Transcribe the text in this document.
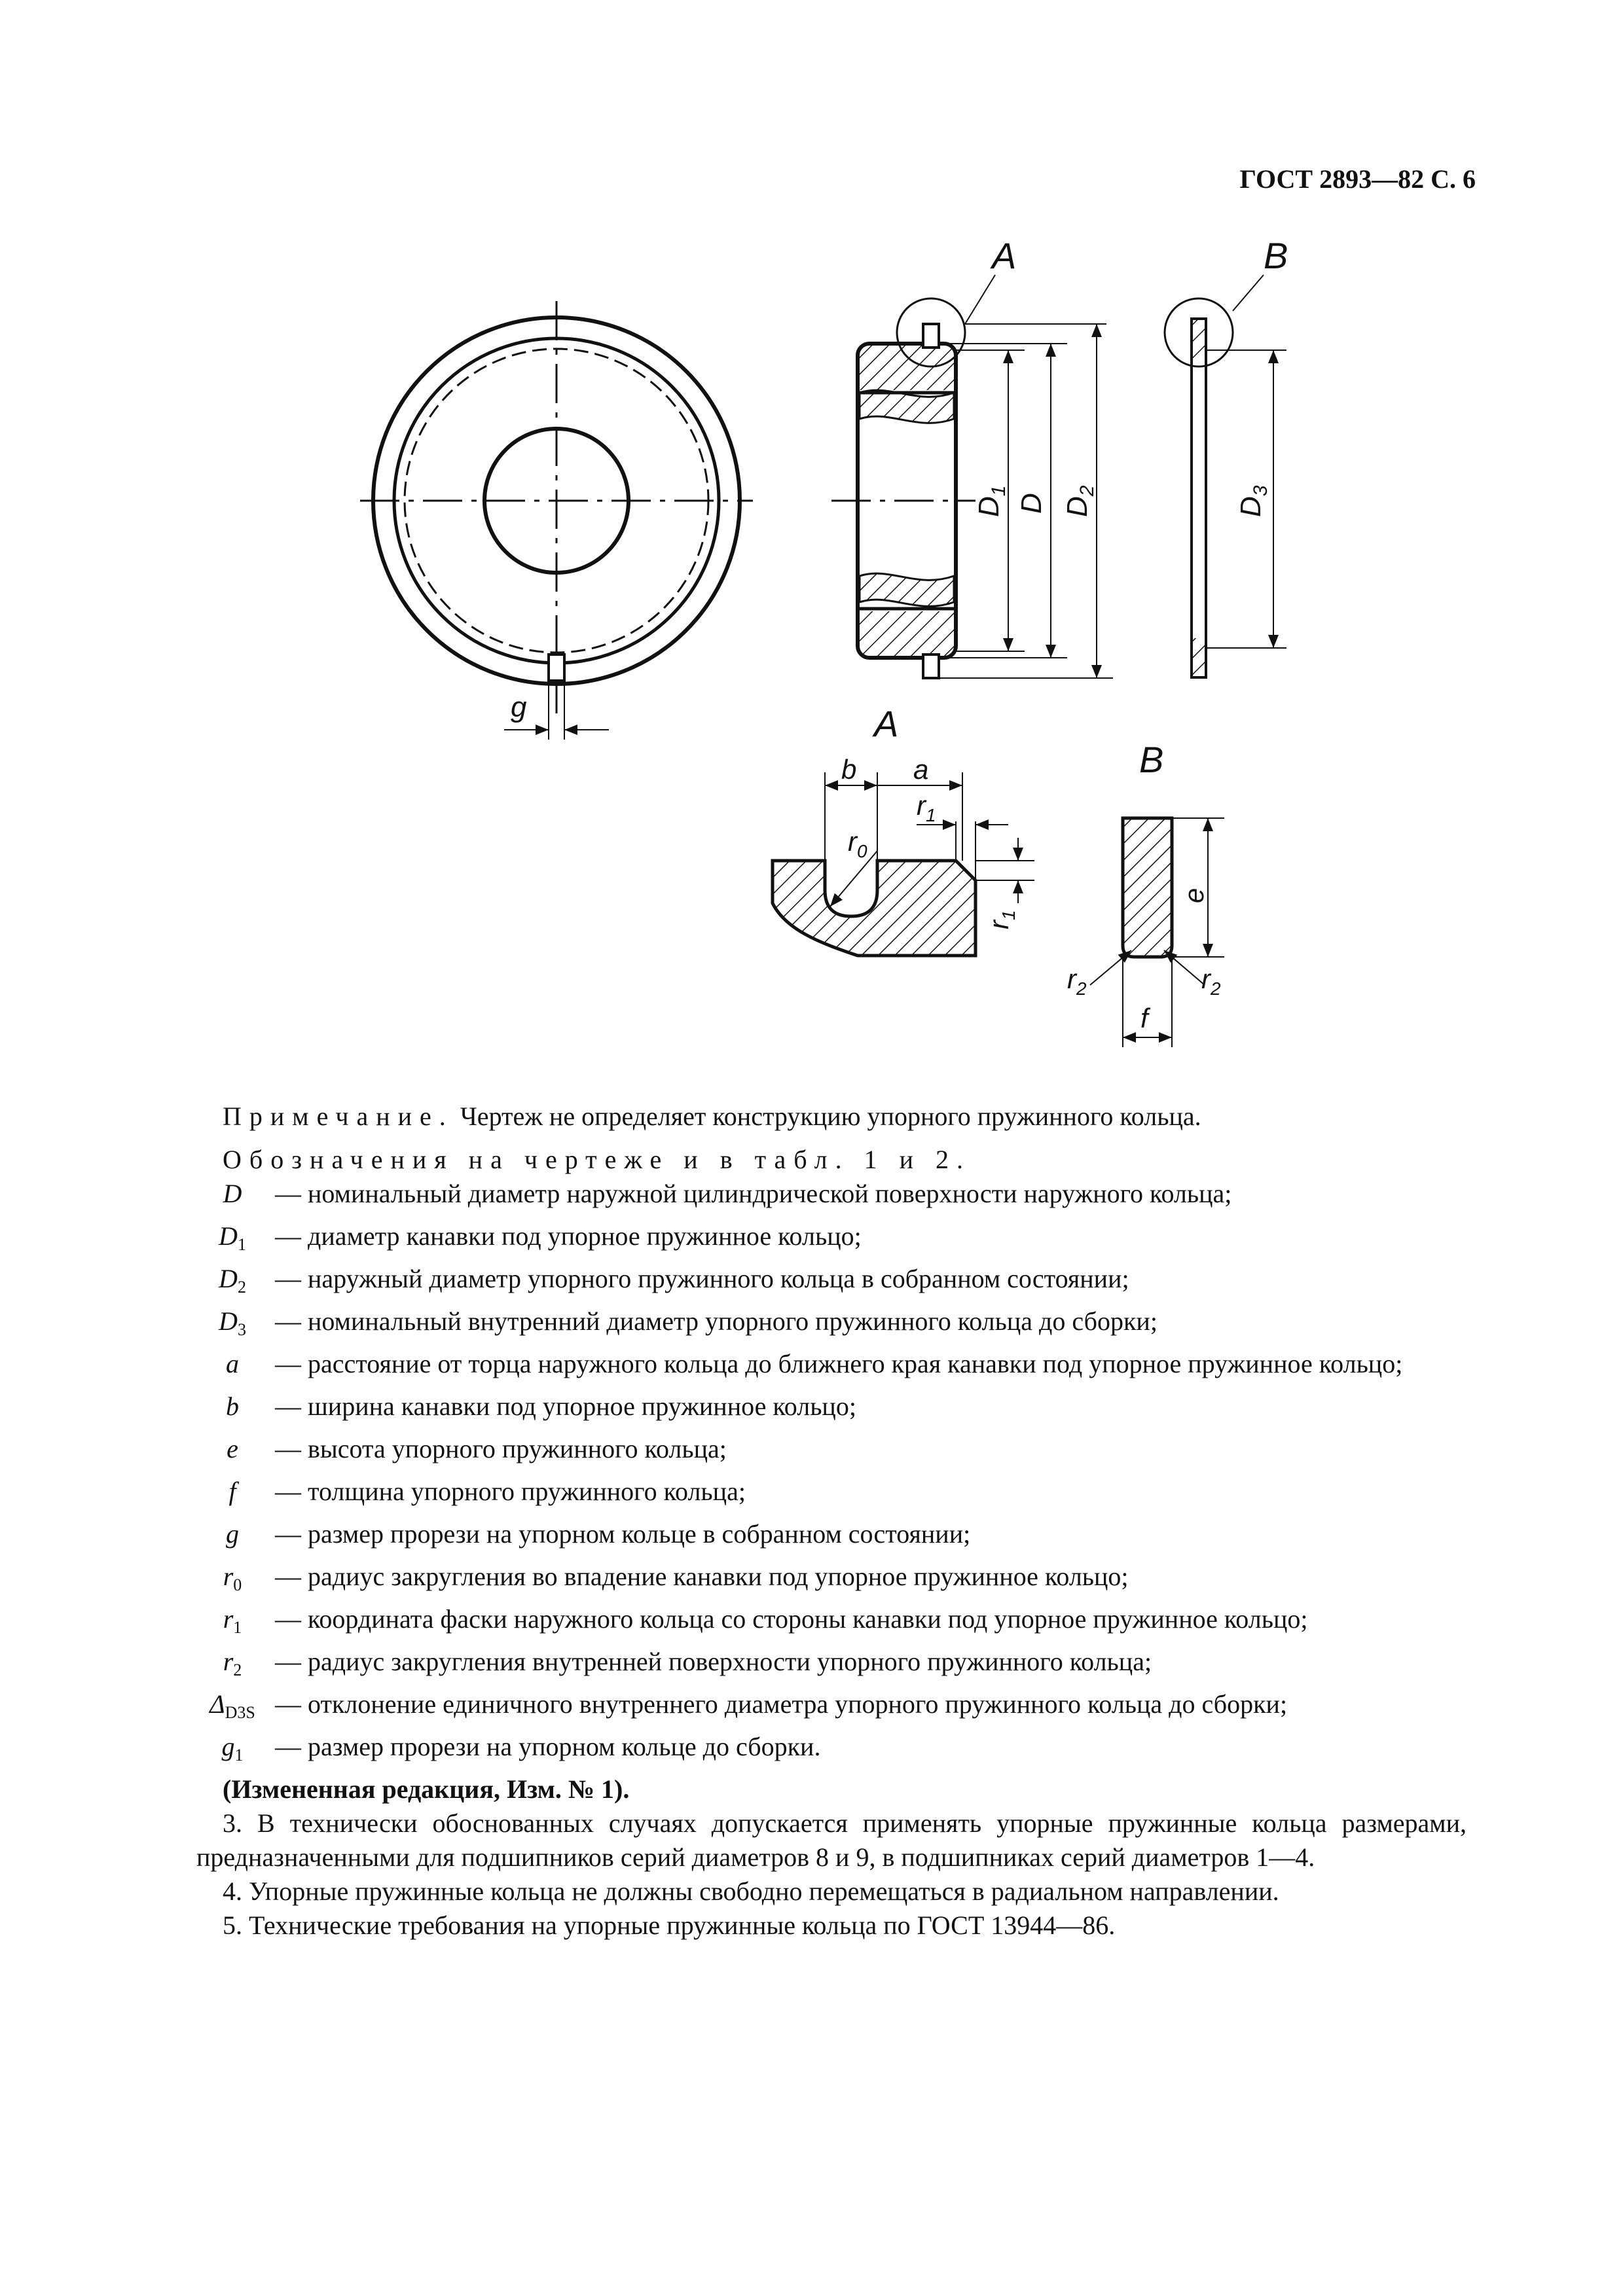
ГОСТ 2893—82 С. 6
g
A
$D_1$
D $D_2$
B
$D_3$
A
b a
$r_1$
$r_0$
$r_1$
B
e
f
$r_2$	$r_2$
Примечание. Чертеж не определяет конструкцию упорного пружинного кольца.
Обозначения на чертеже и в табл. 1 и 2.
D	— номинальный диаметр наружной цилиндрической поверхности наружного кольца;
$D_1$	— диаметр канавки под упорное пружинное кольцо;
$D_2$	— наружный диаметр упорного пружинного кольца в собранном состоянии;
$D_3$	— номинальный внутренний диаметр упорного пружинного кольца до сборки;
a	— расстояние от торца наружного кольца до ближнего края канавки под упорное пружинное кольцо;
b	— ширина канавки под упорное пружинное кольцо;
e	— высота упорного пружинного кольца;
f	— толщина упорного пружинного кольца;
g	— размер прорези на упорном кольце в собранном состоянии;
$r_0$	— радиус закругления во впадение канавки под упорное пружинное кольцо;
$r_1$	— координата фаски наружного кольца со стороны канавки под упорное пружинное кольцо;
$r_2$	— радиус закругления внутренней поверхности упорного пружинного кольца;
$\Delta_{D3S}$ — отклонение единичного внутреннего диаметра упорного пружинного кольца до сборки;
$g_1$	— размер прорези на упорном кольце до сборки.
(Измененная редакция, Изм. № 1).
3. В технически обоснованных случаях допускается применять упорные пружинные кольца размерами, предназначенными для подшипников серий диаметров 8 и 9, в подшипниках серий диаметров 1—4.
4. Упорные пружинные кольца не должны свободно перемещаться в радиальном направлении.
5. Технические требования на упорные пружинные кольца по ГОСТ 13944—86.
